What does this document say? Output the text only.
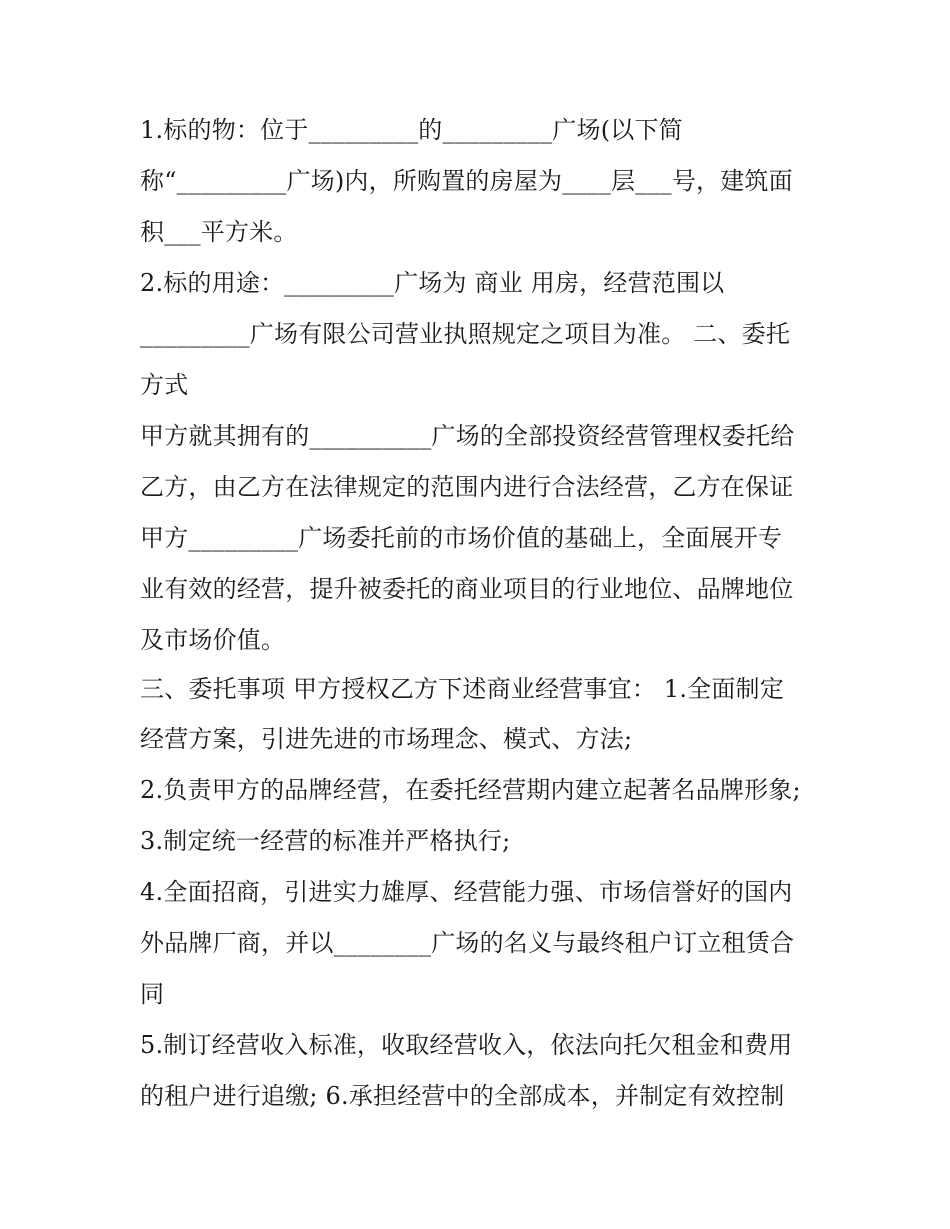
1.标的物：位于_________的_________广场(以下简
称“_________广场)内，所购置的房屋为____层___号，建筑面
积___平方米。
2.标的用途：_________广场为 商业 用房，经营范围以
_________广场有限公司营业执照规定之项目为准。 二、委托
方式
甲方就其拥有的__________广场的全部投资经营管理权委托给
乙方，由乙方在法律规定的范围内进行合法经营，乙方在保证
甲方_________广场委托前的市场价值的基础上，全面展开专
业有效的经营，提升被委托的商业项目的行业地位、品牌地位
及市场价值。
三、委托事项 甲方授权乙方下述商业经营事宜： 1.全面制定
经营方案，引进先进的市场理念、模式、方法;
2.负责甲方的品牌经营，在委托经营期内建立起著名品牌形象;
3.制定统一经营的标准并严格执行;
4.全面招商，引进实力雄厚、经营能力强、市场信誉好的国内
外品牌厂商，并以________广场的名义与最终租户订立租赁合
同
5.制订经营收入标准，收取经营收入，依法向托欠租金和费用
的租户进行追缴; 6.承担经营中的全部成本，并制定有效控制
